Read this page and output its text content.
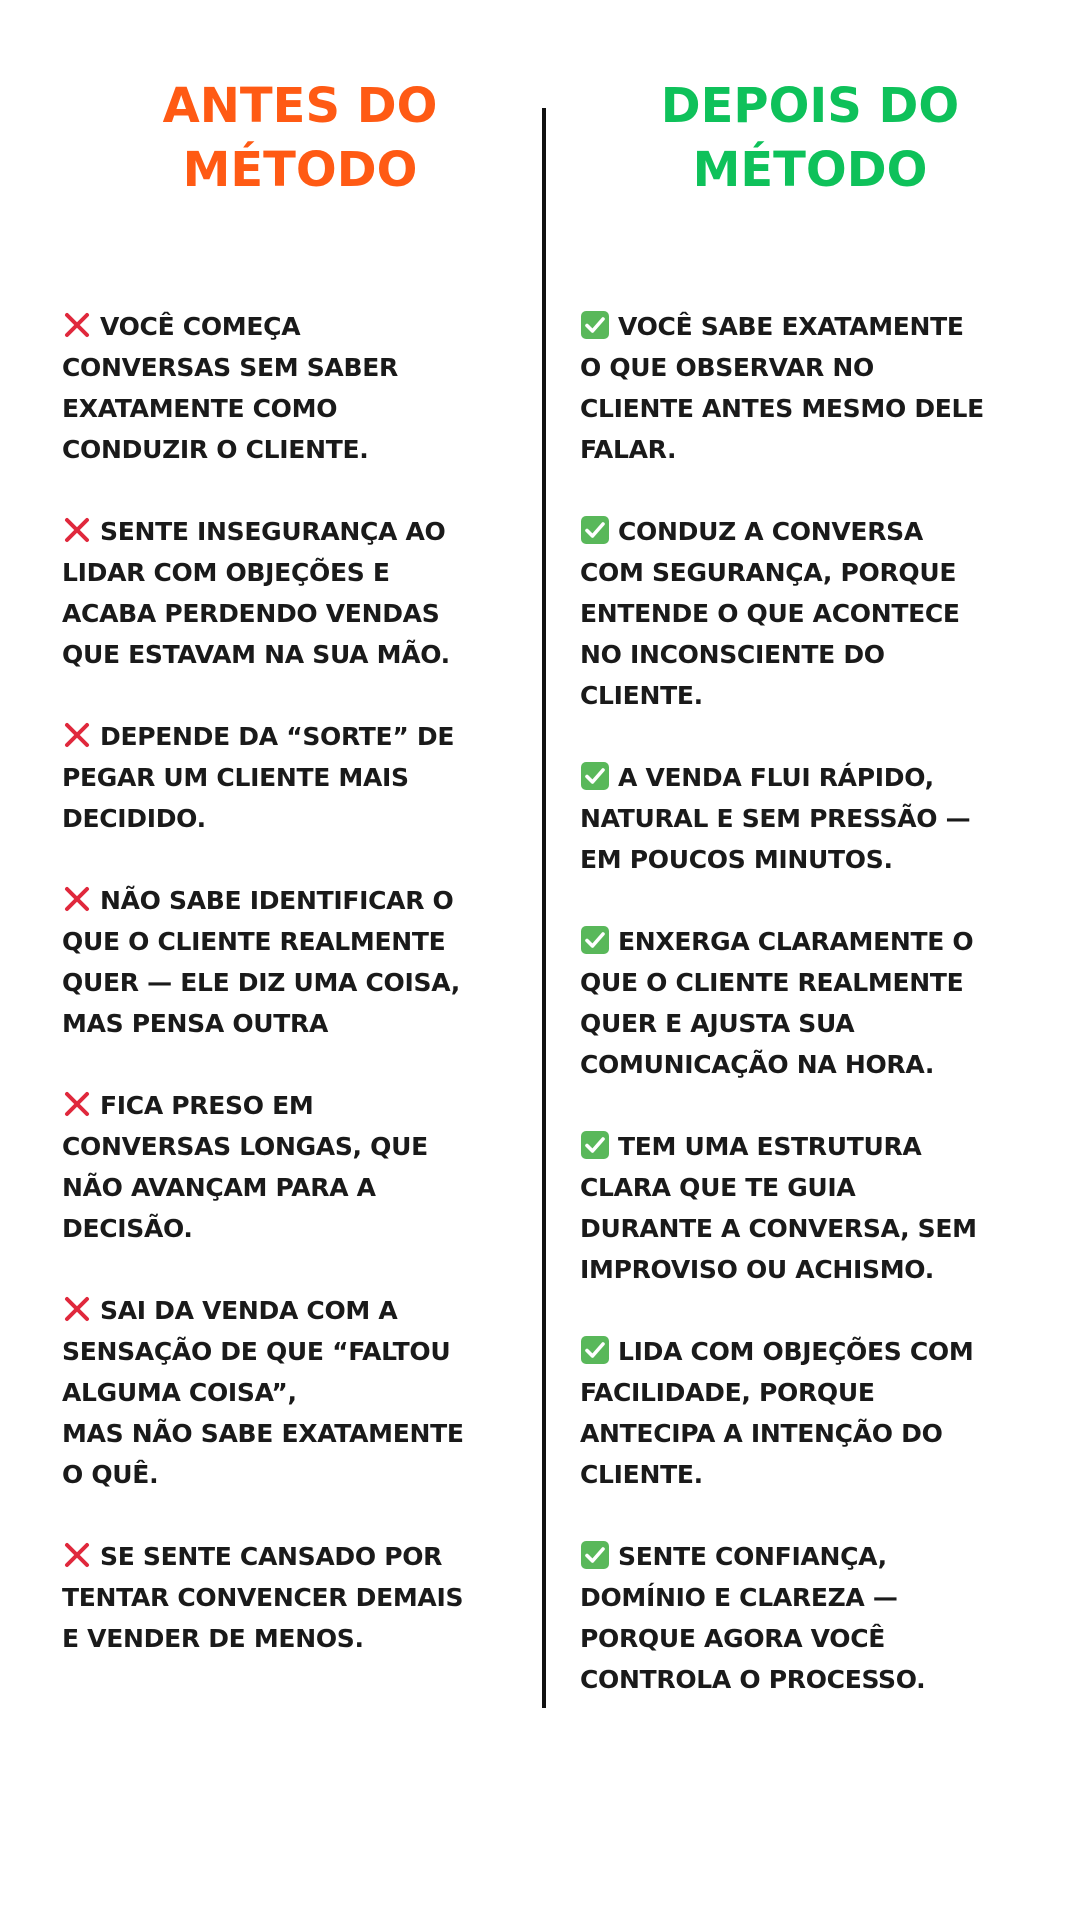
ANTES DO
MÉTODO
DEPOIS DO
MÉTODO
VOCÊ COMEÇA
CONVERSAS SEM SABER
EXATAMENTE COMO
CONDUZIR O CLIENTE.
SENTE INSEGURANÇA AO
LIDAR COM OBJEÇÕES E
ACABA PERDENDO VENDAS
QUE ESTAVAM NA SUA MÃO.
DEPENDE DA “SORTE” DE
PEGAR UM CLIENTE MAIS
DECIDIDO.
NÃO SABE IDENTIFICAR O
QUE O CLIENTE REALMENTE
QUER — ELE DIZ UMA COISA,
MAS PENSA OUTRA
FICA PRESO EM
CONVERSAS LONGAS, QUE
NÃO AVANÇAM PARA A
DECISÃO.
SAI DA VENDA COM A
SENSAÇÃO DE QUE “FALTOU
ALGUMA COISA”,
MAS NÃO SABE EXATAMENTE
O QUÊ.
SE SENTE CANSADO POR
TENTAR CONVENCER DEMAIS
E VENDER DE MENOS.
VOCÊ SABE EXATAMENTE
O QUE OBSERVAR NO
CLIENTE ANTES MESMO DELE
FALAR.
CONDUZ A CONVERSA
COM SEGURANÇA, PORQUE
ENTENDE O QUE ACONTECE
NO INCONSCIENTE DO
CLIENTE.
A VENDA FLUI RÁPIDO,
NATURAL E SEM PRESSÃO —
EM POUCOS MINUTOS.
ENXERGA CLARAMENTE O
QUE O CLIENTE REALMENTE
QUER E AJUSTA SUA
COMUNICAÇÃO NA HORA.
TEM UMA ESTRUTURA
CLARA QUE TE GUIA
DURANTE A CONVERSA, SEM
IMPROVISO OU ACHISMO.
LIDA COM OBJEÇÕES COM
FACILIDADE, PORQUE
ANTECIPA A INTENÇÃO DO
CLIENTE.
SENTE CONFIANÇA,
DOMÍNIO E CLAREZA —
PORQUE AGORA VOCÊ
CONTROLA O PROCESSO.
